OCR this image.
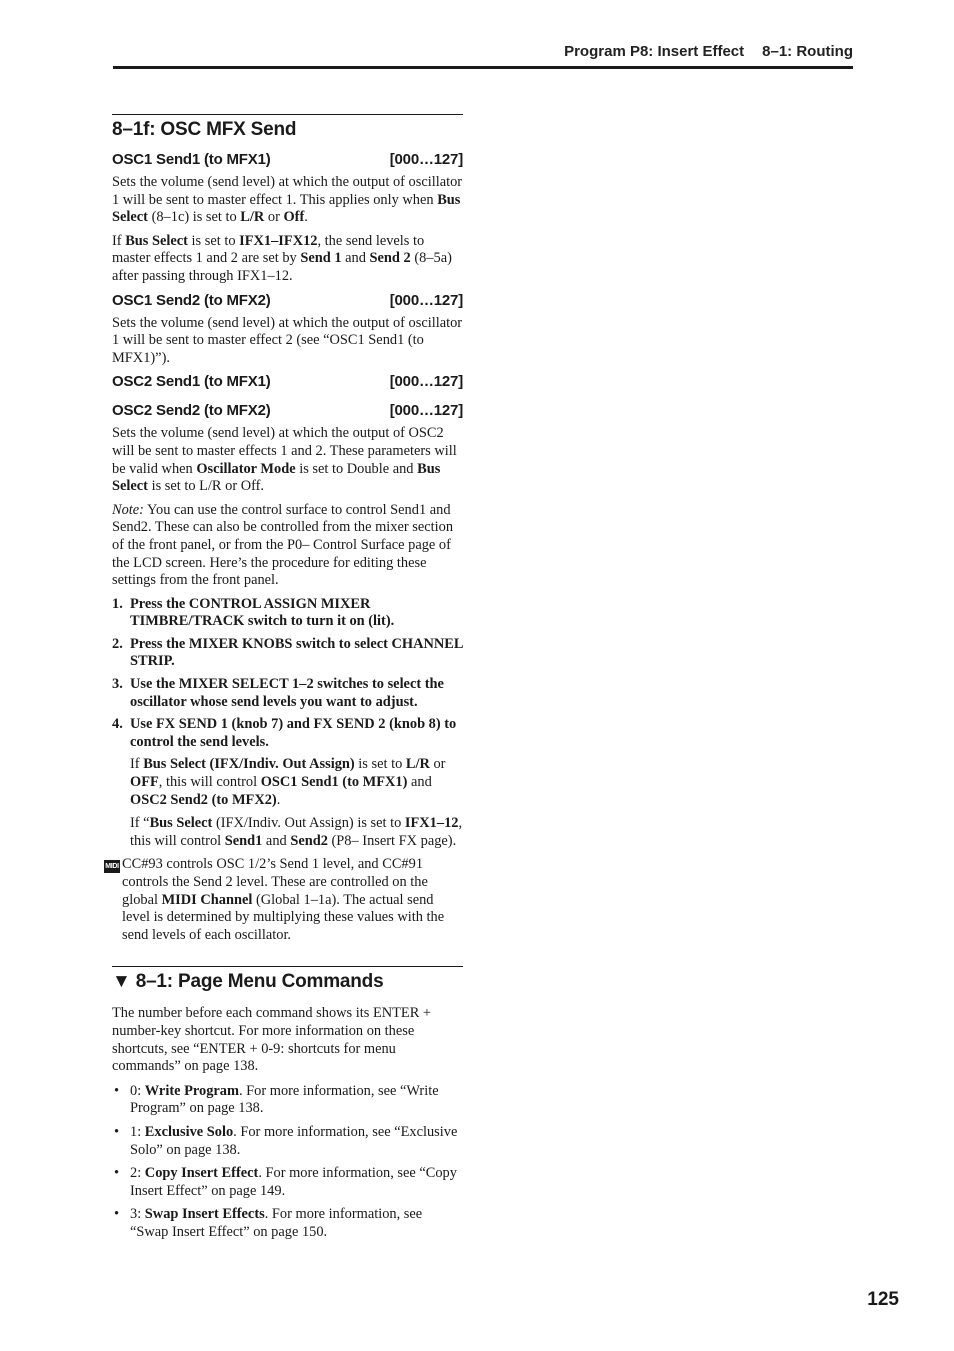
Program P8: Insert Effect 8–1: Routing
8–1f: OSC MFX Send
OSC1 Send1 (to MFX1)	[000…127]

Sets the volume (send level) at which the output of oscillator 1 will be sent to master effect 1. This applies only when Bus Select (8–1c) is set to L/R or Off.

If Bus Select is set to IFX1–IFX12, the send levels to master effects 1 and 2 are set by Send 1 and Send 2 (8–5a) after passing through IFX1–12.

OSC1 Send2 (to MFX2)	[000…127]

Sets the volume (send level) at which the output of oscillator 1 will be sent to master effect 2 (see “OSC1 Send1 (to MFX1)”).

OSC2 Send1 (to MFX1)	[000…127]
OSC2 Send2 (to MFX2)	[000…127]

Sets the volume (send level) at which the output of OSC2 will be sent to master effects 1 and 2. These parameters will be valid when Oscillator Mode is set to Double and Bus Select is set to L/R or Off.

Note: You can use the control surface to control Send1 and Send2. These can also be controlled from the mixer section of the front panel, or from the P0– Control Surface page of the LCD screen. Here’s the procedure for editing these settings from the front panel.

1. Press the CONTROL ASSIGN MIXER TIMBRE/TRACK switch to turn it on (lit).
2. Press the MIXER KNOBS switch to select CHANNEL STRIP.
3. Use the MIXER SELECT 1–2 switches to select the oscillator whose send levels you want to adjust.
4. Use FX SEND 1 (knob 7) and FX SEND 2 (knob 8) to control the send levels.

If Bus Select (IFX/Indiv. Out Assign) is set to L/R or OFF, this will control OSC1 Send1 (to MFX1) and OSC2 Send2 (to MFX2).

If “Bus Select (IFX/Indiv. Out Assign) is set to IFX1–12, this will control Send1 and Send2 (P8– Insert FX page).

MIDI CC#93 controls OSC 1/2’s Send 1 level, and CC#91 controls the Send 2 level. These are controlled on the global MIDI Channel (Global 1–1a). The actual send level is determined by multiplying these values with the send levels of each oscillator.

▼ 8–1: Page Menu Commands

The number before each command shows its ENTER + number-key shortcut. For more information on these shortcuts, see “ENTER + 0-9: shortcuts for menu commands” on page 138.

• 0: Write Program. For more information, see “Write Program” on page 138.
• 1: Exclusive Solo. For more information, see “Exclusive Solo” on page 138.
• 2: Copy Insert Effect. For more information, see “Copy Insert Effect” on page 149.
• 3: Swap Insert Effects. For more information, see “Swap Insert Effect” on page 150.
125
